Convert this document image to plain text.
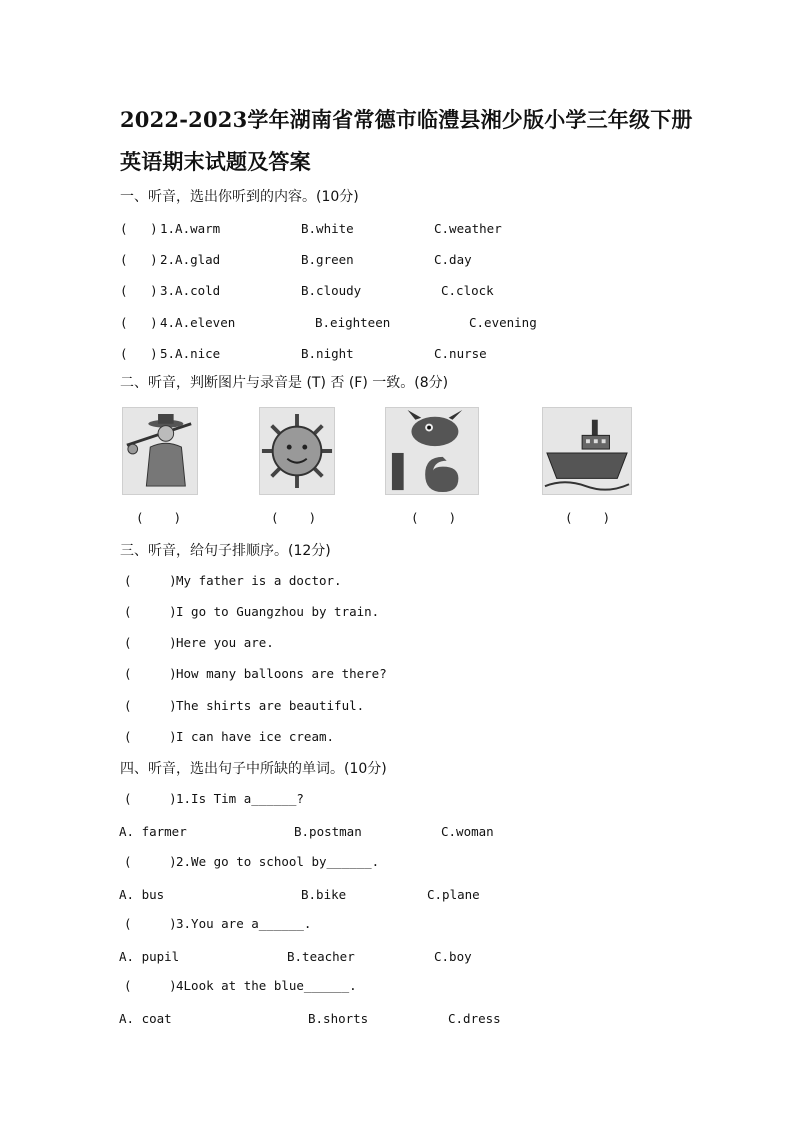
2022-2023学年湖南省常德市临澧县湘少版小学三年级下册
英语期末试题及答案
一、听音，选出你听到的内容。(10分)
(   ) 1.A.warm	B.white	C.weather
(   ) 2.A.glad	B.green	C.day
(   ) 3.A.cold	B.cloudy	C.clock
(   ) 4.A.eleven	B.eighteen	C.evening
(   ) 5.A.nice	B.night	C.nurse
二、听音，判断图片与录音是 (T) 否 (F) 一致。(8分)
(    )	(    )	(    )	(    )
三、听音，给句子排顺序。(12分)
(     ) My father is a doctor.
(     ) I go to Guangzhou by train.
(     ) Here you are.
(     ) How many balloons are there?
(     ) The shirts are beautiful.
(     ) I can have ice cream.
四、听音，选出句子中所缺的单词。(10分)
(     ) 1.Is Tim a______?
A. farmer	B.postman	C.woman
(     ) 2.We go to school by______.
A. bus	B.bike	C.plane
(     ) 3.You are a______.
A. pupil	B.teacher	C.boy
(     ) 4Look at the blue______.
A. coat	B.shorts	C.dress
